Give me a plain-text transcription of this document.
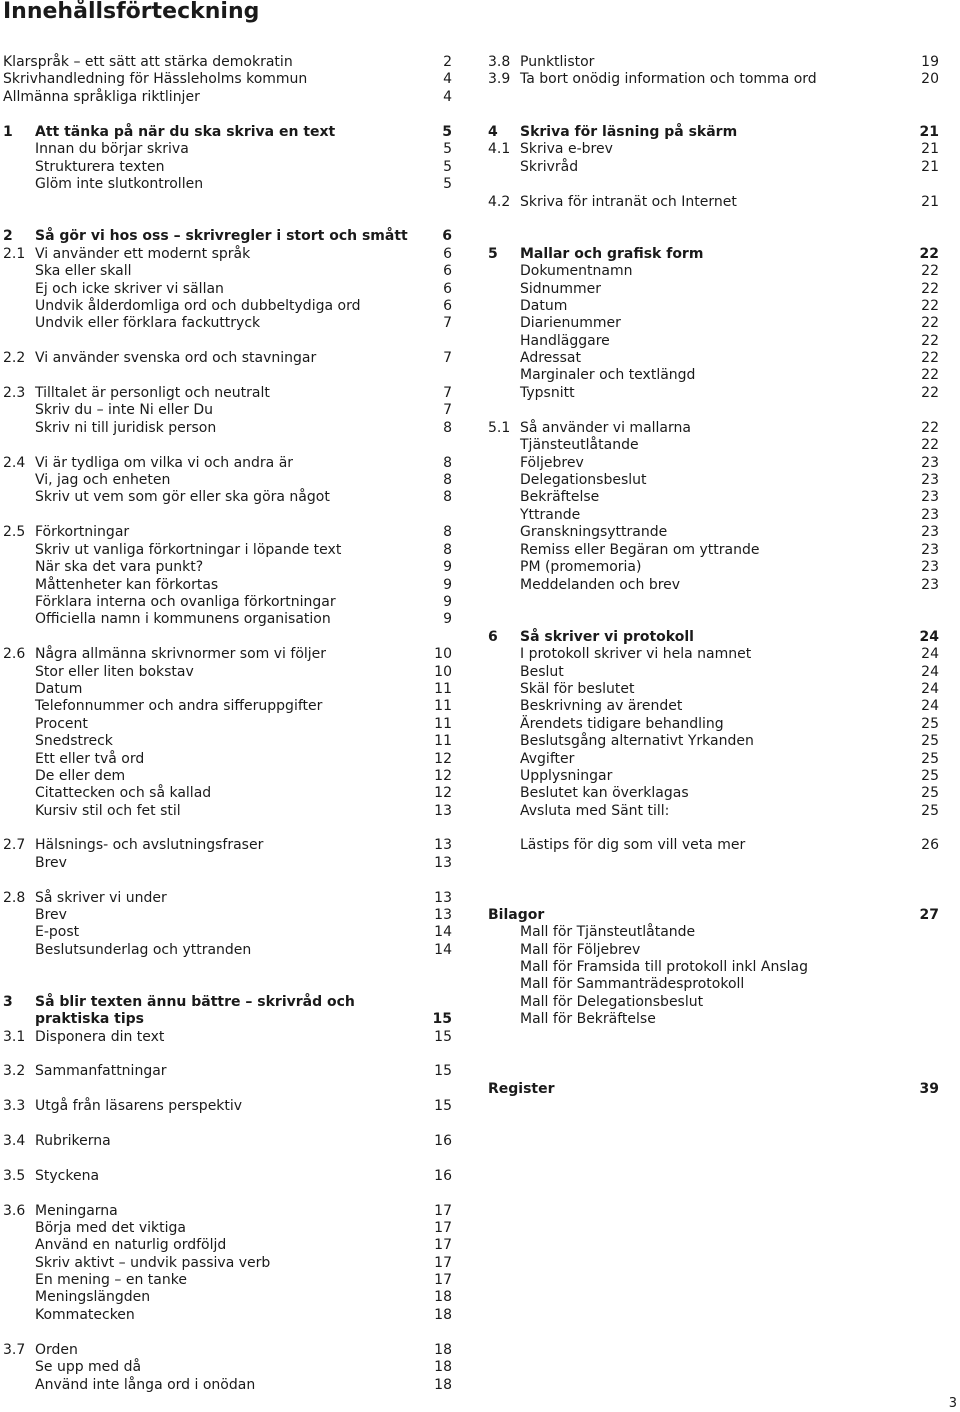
Innehållsförteckning
Klarspråk – ett sätt att stärka demokratin	2
Skrivhandledning för Hässleholms kommun	4
Allmänna språkliga riktlinjer	4
1 Att tänka på när du ska skriva en text	5
Innan du börjar skriva	5
Strukturera texten	5
Glöm inte slutkontrollen	5
2 Så gör vi hos oss – skrivregler i stort och smått 6
2.1 Vi använder ett modernt språk	6
Ska eller skall	6
Ej och icke skriver vi sällan	6
Undvik ålderdomliga ord och dubbeltydiga ord	6
Undvik eller förklara fackuttryck	7
2.2 Vi använder svenska ord och stavningar	7
2.3 Tilltalet är personligt och neutralt	7
Skriv du – inte Ni eller Du	7
Skriv ni till juridisk person	8
2.4 Vi är tydliga om vilka vi och andra är	8
Vi, jag och enheten	8
Skriv ut vem som gör eller ska göra något	8
2.5 Förkortningar	8
Skriv ut vanliga förkortningar i löpande text	8
När ska det vara punkt?	9
Måttenheter kan förkortas	9
Förklara interna och ovanliga förkortningar	9
Officiella namn i kommunens organisation	9
2.6 Några allmänna skrivnormer som vi följer	10
Stor eller liten bokstav	10
Datum	11
Telefonnummer och andra sifferuppgifter	11
Procent	11
Snedstreck	11
Ett eller två ord	12
De eller dem	12
Citattecken och så kallad	12
Kursiv stil och fet stil	13
2.7 Hälsnings- och avslutningsfraser	13
Brev	13
2.8 Så skriver vi under	13
Brev	13
E-post	14
Beslutsunderlag och yttranden	14
3 Så blir texten ännu bättre – skrivråd och
praktiska tips	15
3.1 Disponera din text	15
3.2 Sammanfattningar	15
3.3 Utgå från läsarens perspektiv	15
3.4 Rubrikerna	16
3.5 Styckena	16
3.6 Meningarna	17
Börja med det viktiga	17
Använd en naturlig ordföljd	17
Skriv aktivt – undvik passiva verb	17
En mening – en tanke	17
Meningslängden	18
Kommatecken	18
3.7 Orden	18
Se upp med då	18
Använd inte långa ord i onödan	18
3.8 Punktlistor	19
3.9 Ta bort onödig information och tomma ord	20
4 Skriva för läsning på skärm	21
4.1 Skriva e-brev	21
Skrivråd	21
4.2 Skriva för intranät och Internet	21
5 Mallar och grafisk form	22
Dokumentnamn	22
Sidnummer	22
Datum	22
Diarienummer	22
Handläggare	22
Adressat	22
Marginaler och textlängd	22
Typsnitt	22
5.1 Så använder vi mallarna	22
Tjänsteutlåtande	22
Följebrev	23
Delegationsbeslut	23
Bekräftelse	23
Yttrande	23
Granskningsyttrande	23
Remiss eller Begäran om yttrande	23
PM (promemoria)	23
Meddelanden och brev	23
6 Så skriver vi protokoll	24
I protokoll skriver vi hela namnet	24
Beslut	24
Skäl för beslutet	24
Beskrivning av ärendet	24
Ärendets tidigare behandling	25
Beslutsgång alternativt Yrkanden	25
Avgifter	25
Upplysningar	25
Beslutet kan överklagas	25
Avsluta med Sänt till:	25
Lästips för dig som vill veta mer	26
Bilagor	27
Mall för Tjänsteutlåtande
Mall för Följebrev
Mall för Framsida till protokoll inkl Anslag
Mall för Sammanträdesprotokoll
Mall för Delegationsbeslut
Mall för Bekräftelse
Register	39
3
